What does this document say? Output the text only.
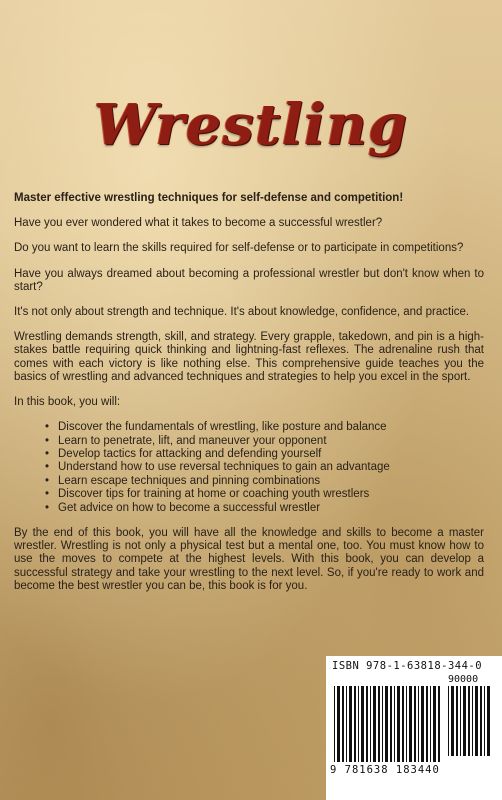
Wrestling

Master effective wrestling techniques for self-defense and competition!

Have you ever wondered what it takes to become a successful wrestler?

Do you want to learn the skills required for self-defense or to participate in competitions?

Have you always dreamed about becoming a professional wrestler but don't know when to start?

It's not only about strength and technique. It's about knowledge, confidence, and practice.

Wrestling demands strength, skill, and strategy. Every grapple, takedown, and pin is a high-stakes battle requiring quick thinking and lightning-fast reflexes. The adrenaline rush that comes with each victory is like nothing else. This comprehensive guide teaches you the basics of wrestling and advanced techniques and strategies to help you excel in the sport.

In this book, you will:

• Discover the fundamentals of wrestling, like posture and balance
• Learn to penetrate, lift, and maneuver your opponent
• Develop tactics for attacking and defending yourself
• Understand how to use reversal techniques to gain an advantage
• Learn escape techniques and pinning combinations
• Discover tips for training at home or coaching youth wrestlers
• Get advice on how to become a successful wrestler

By the end of this book, you will have all the knowledge and skills to become a master wrestler. Wrestling is not only a physical test but a mental one, too. You must know how to use the moves to compete at the highest levels. With this book, you can develop a successful strategy and take your wrestling to the next level. So, if you're ready to work and become the best wrestler you can be, this book is for you.

ISBN 978-1-63818-344-0
90000
9 781638 183440
